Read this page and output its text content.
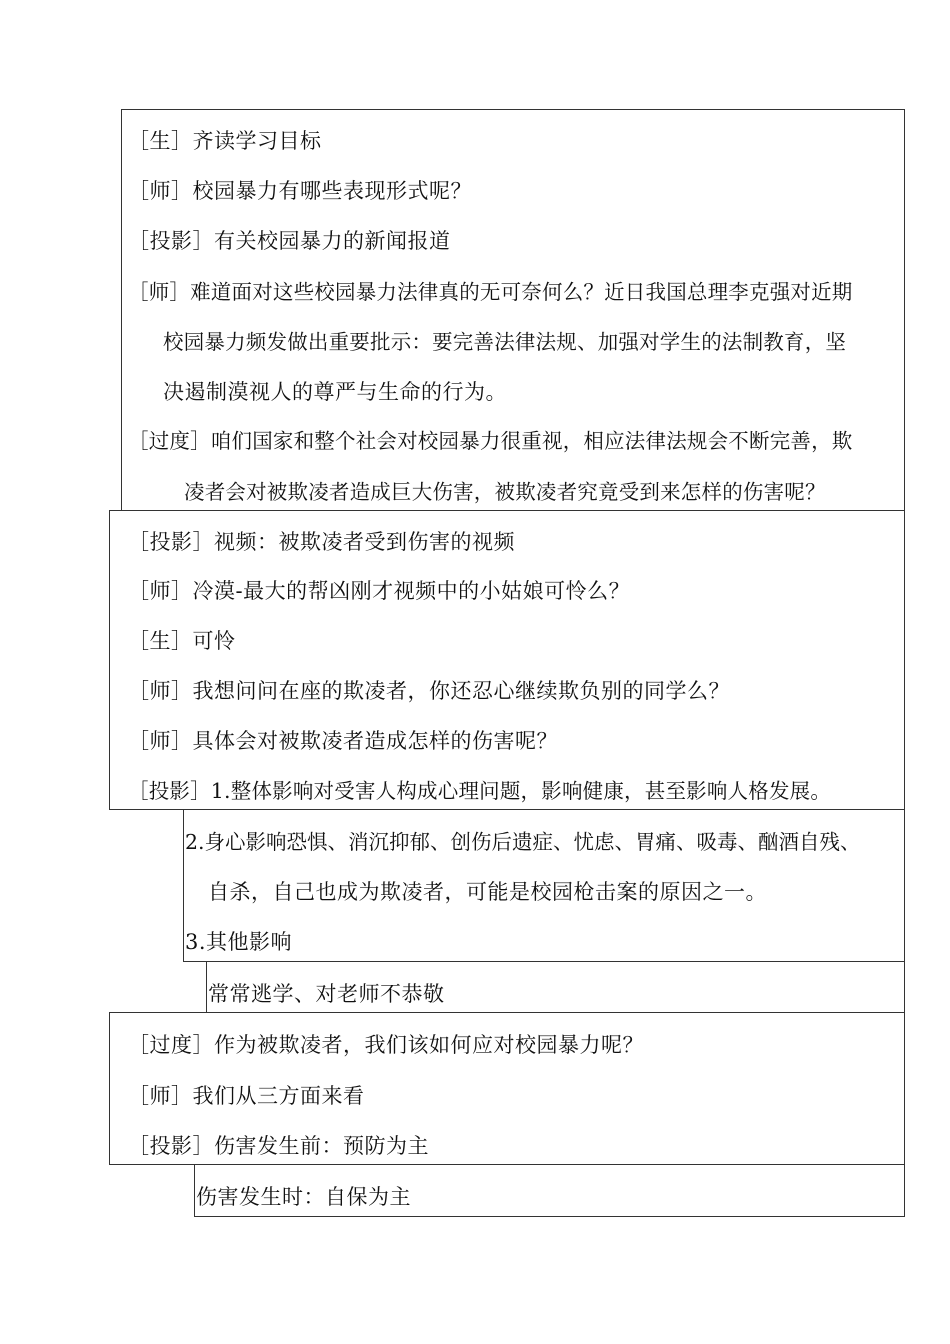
［生］齐读学习目标
［师］校园暴力有哪些表现形式呢？
［投影］有关校园暴力的新闻报道
［师］难道面对这些校园暴力法律真的无可奈何么？近日我国总理李克强对近期
校园暴力频发做出重要批示：要完善法律法规、加强对学生的法制教育，坚
决遏制漠视人的尊严与生命的行为。
［过度］咱们国家和整个社会对校园暴力很重视，相应法律法规会不断完善，欺
凌者会对被欺凌者造成巨大伤害，被欺凌者究竟受到来怎样的伤害呢？
［投影］视频：被欺凌者受到伤害的视频
［师］冷漠-最大的帮凶刚才视频中的小姑娘可怜么？
［生］可怜
［师］我想问问在座的欺凌者，你还忍心继续欺负别的同学么？
［师］具体会对被欺凌者造成怎样的伤害呢？
［投影］1.整体影响对受害人构成心理问题，影响健康，甚至影响人格发展。
2.身心影响恐惧、消沉抑郁、创伤后遗症、忧虑、胃痛、吸毒、酗酒自残、
自杀，自己也成为欺凌者，可能是校园枪击案的原因之一。
3.其他影响
常常逃学、对老师不恭敬
［过度］作为被欺凌者，我们该如何应对校园暴力呢？
［师］我们从三方面来看
［投影］伤害发生前：预防为主
伤害发生时：自保为主
